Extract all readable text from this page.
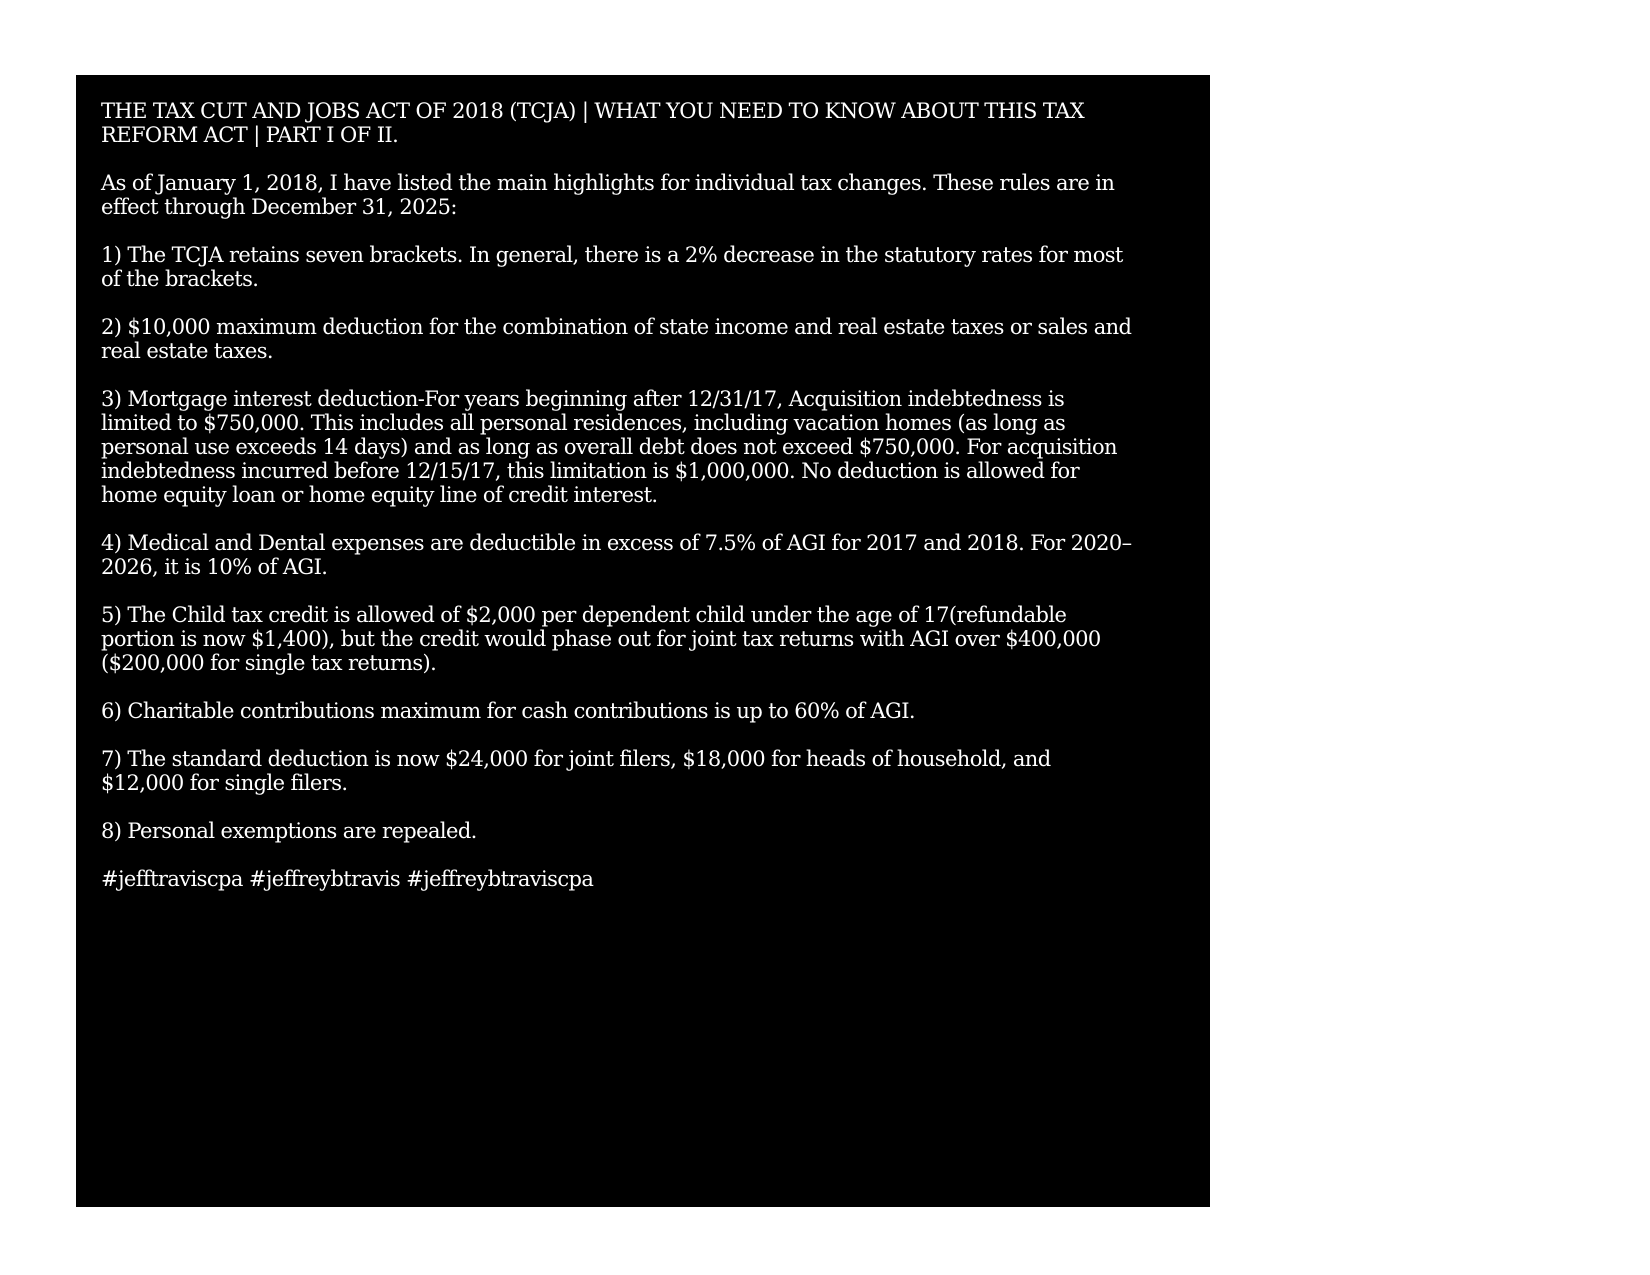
THE TAX CUT AND JOBS ACT OF 2018 (TCJA) | WHAT YOU NEED TO KNOW ABOUT THIS TAX
REFORM ACT | PART I OF II.

As of January 1, 2018, I have listed the main highlights for individual tax changes. These rules are in
effect through December 31, 2025:

1) The TCJA retains seven brackets. In general, there is a 2% decrease in the statutory rates for most
of the brackets.

2) $10,000 maximum deduction for the combination of state income and real estate taxes or sales and
real estate taxes.

3) Mortgage interest deduction-For years beginning after 12/31/17, Acquisition indebtedness is
limited to $750,000. This includes all personal residences, including vacation homes (as long as
personal use exceeds 14 days) and as long as overall debt does not exceed $750,000. For acquisition
indebtedness incurred before 12/15/17, this limitation is $1,000,000. No deduction is allowed for
home equity loan or home equity line of credit interest.

4) Medical and Dental expenses are deductible in excess of 7.5% of AGI for 2017 and 2018. For 2020–
2026, it is 10% of AGI.

5) The Child tax credit is allowed of $2,000 per dependent child under the age of 17(refundable
portion is now $1,400), but the credit would phase out for joint tax returns with AGI over $400,000
($200,000 for single tax returns).

6) Charitable contributions maximum for cash contributions is up to 60% of AGI.

7) The standard deduction is now $24,000 for joint filers, $18,000 for heads of household, and
$12,000 for single filers.

8) Personal exemptions are repealed.

#jefftraviscpa #jeffreybtravis #jeffreybtraviscpa
